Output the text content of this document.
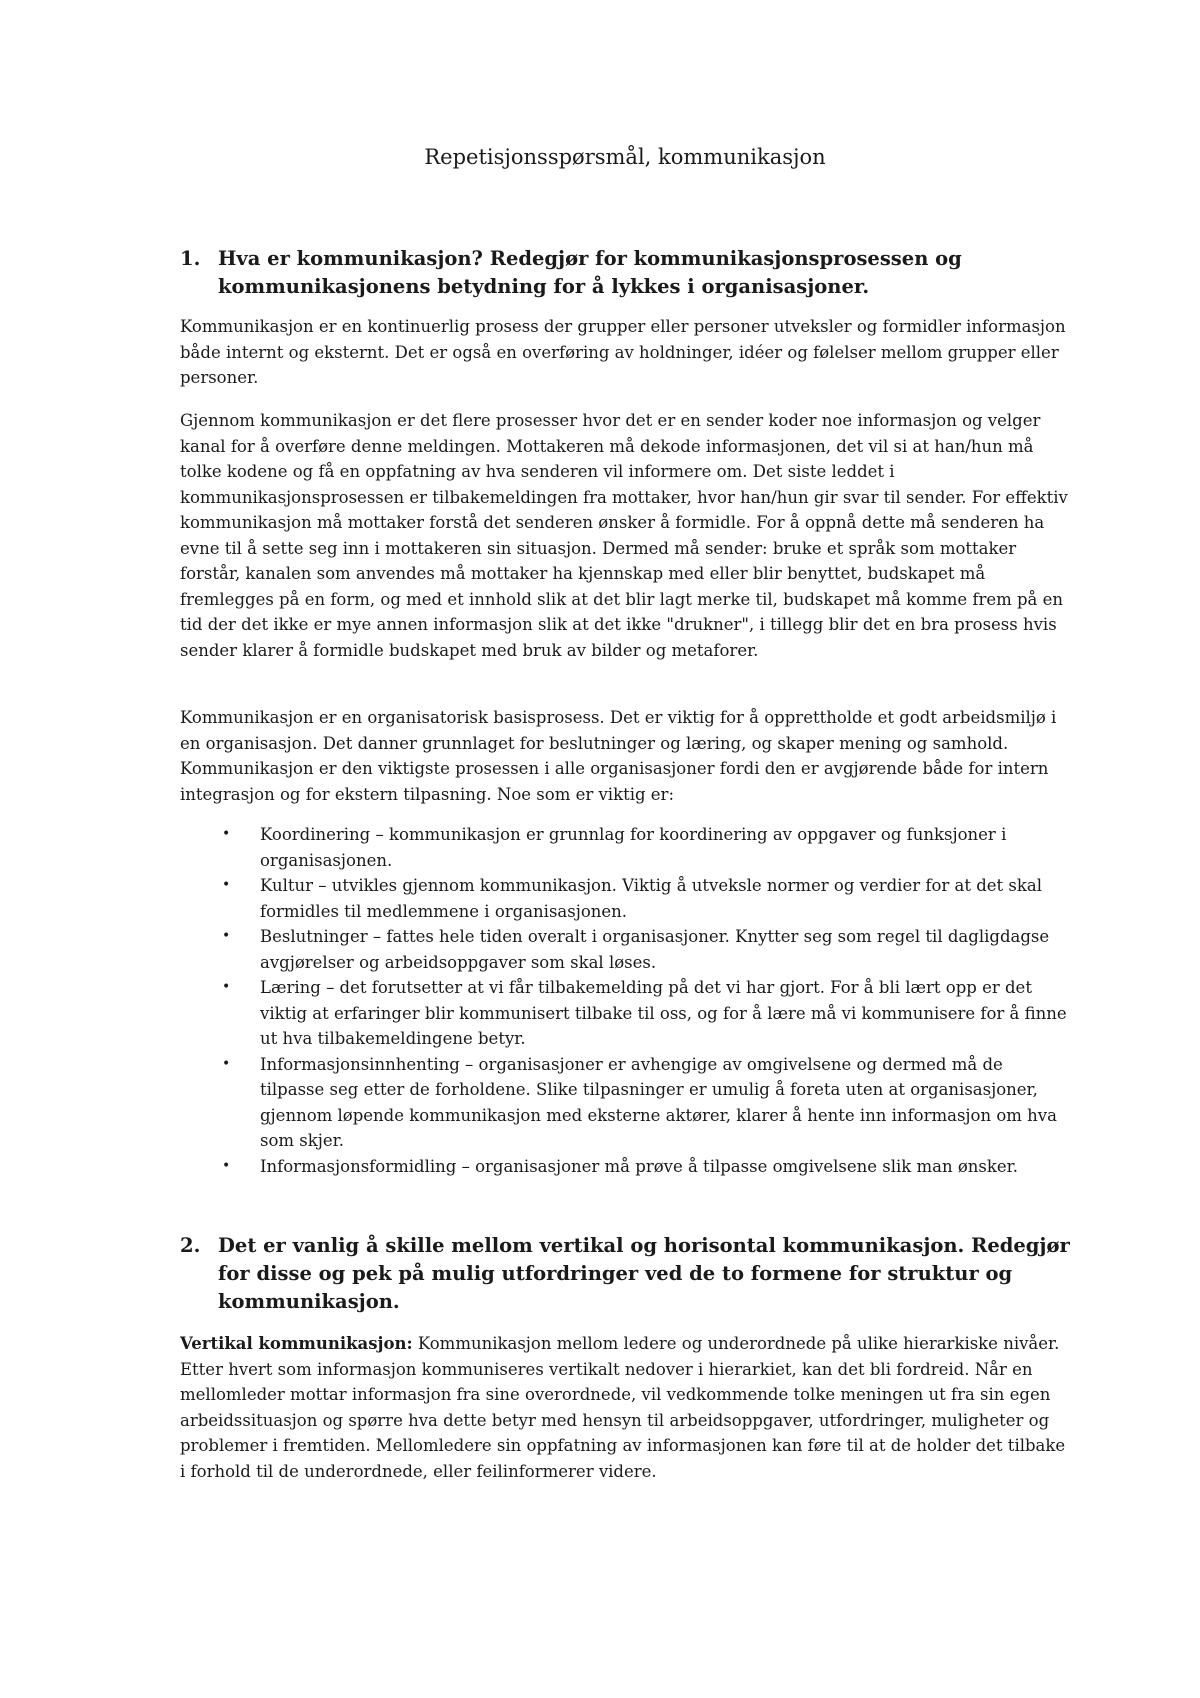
Repetisjonsspørsmål, kommunikasjon
1. Hva er kommunikasjon? Redegjør for kommunikasjonsprosessen og kommunikasjonens betydning for å lykkes i organisasjoner.

Kommunikasjon er en kontinuerlig prosess der grupper eller personer utveksler og formidler informasjon både internt og eksternt. Det er også en overføring av holdninger, idéer og følelser mellom grupper eller personer.

Gjennom kommunikasjon er det flere prosesser hvor det er en sender koder noe informasjon og velger kanal for å overføre denne meldingen. Mottakeren må dekode informasjonen, det vil si at han/hun må tolke kodene og få en oppfatning av hva senderen vil informere om. Det siste leddet i kommunikasjonsprosessen er tilbakemeldingen fra mottaker, hvor han/hun gir svar til sender. For effektiv kommunikasjon må mottaker forstå det senderen ønsker å formidle. For å oppnå dette må senderen ha evne til å sette seg inn i mottakeren sin situasjon. Dermed må sender: bruke et språk som mottaker forstår, kanalen som anvendes må mottaker ha kjennskap med eller blir benyttet, budskapet må fremlegges på en form, og med et innhold slik at det blir lagt merke til, budskapet må komme frem på en tid der det ikke er mye annen informasjon slik at det ikke "drukner", i tillegg blir det en bra prosess hvis sender klarer å formidle budskapet med bruk av bilder og metaforer.

Kommunikasjon er en organisatorisk basisprosess. Det er viktig for å opprettholde et godt arbeidsmiljø i en organisasjon. Det danner grunnlaget for beslutninger og læring, og skaper mening og samhold. Kommunikasjon er den viktigste prosessen i alle organisasjoner fordi den er avgjørende både for intern integrasjon og for ekstern tilpasning. Noe som er viktig er:

• Koordinering – kommunikasjon er grunnlag for koordinering av oppgaver og funksjoner i organisasjonen.
• Kultur – utvikles gjennom kommunikasjon. Viktig å utveksle normer og verdier for at det skal formidles til medlemmene i organisasjonen.
• Beslutninger – fattes hele tiden overalt i organisasjoner. Knytter seg som regel til dagligdagse avgjørelser og arbeidsoppgaver som skal løses.
• Læring – det forutsetter at vi får tilbakemelding på det vi har gjort. For å bli lært opp er det viktig at erfaringer blir kommunisert tilbake til oss, og for å lære må vi kommunisere for å finne ut hva tilbakemeldingene betyr.
• Informasjonsinnhenting – organisasjoner er avhengige av omgivelsene og dermed må de tilpasse seg etter de forholdene. Slike tilpasninger er umulig å foreta uten at organisasjoner, gjennom løpende kommunikasjon med eksterne aktører, klarer å hente inn informasjon om hva som skjer.
• Informasjonsformidling – organisasjoner må prøve å tilpasse omgivelsene slik man ønsker.
2. Det er vanlig å skille mellom vertikal og horisontal kommunikasjon. Redegjør for disse og pek på mulig utfordringer ved de to formene for struktur og kommunikasjon.

Vertikal kommunikasjon: Kommunikasjon mellom ledere og underordnede på ulike hierarkiske nivåer. Etter hvert som informasjon kommuniseres vertikalt nedover i hierarkiet, kan det bli fordreid. Når en mellomleder mottar informasjon fra sine overordnede, vil vedkommende tolke meningen ut fra sin egen arbeidssituasjon og spørre hva dette betyr med hensyn til arbeidsoppgaver, utfordringer, muligheter og problemer i fremtiden. Mellomledere sin oppfatning av informasjonen kan føre til at de holder det tilbake i forhold til de underordnede, eller feilinformerer videre.
